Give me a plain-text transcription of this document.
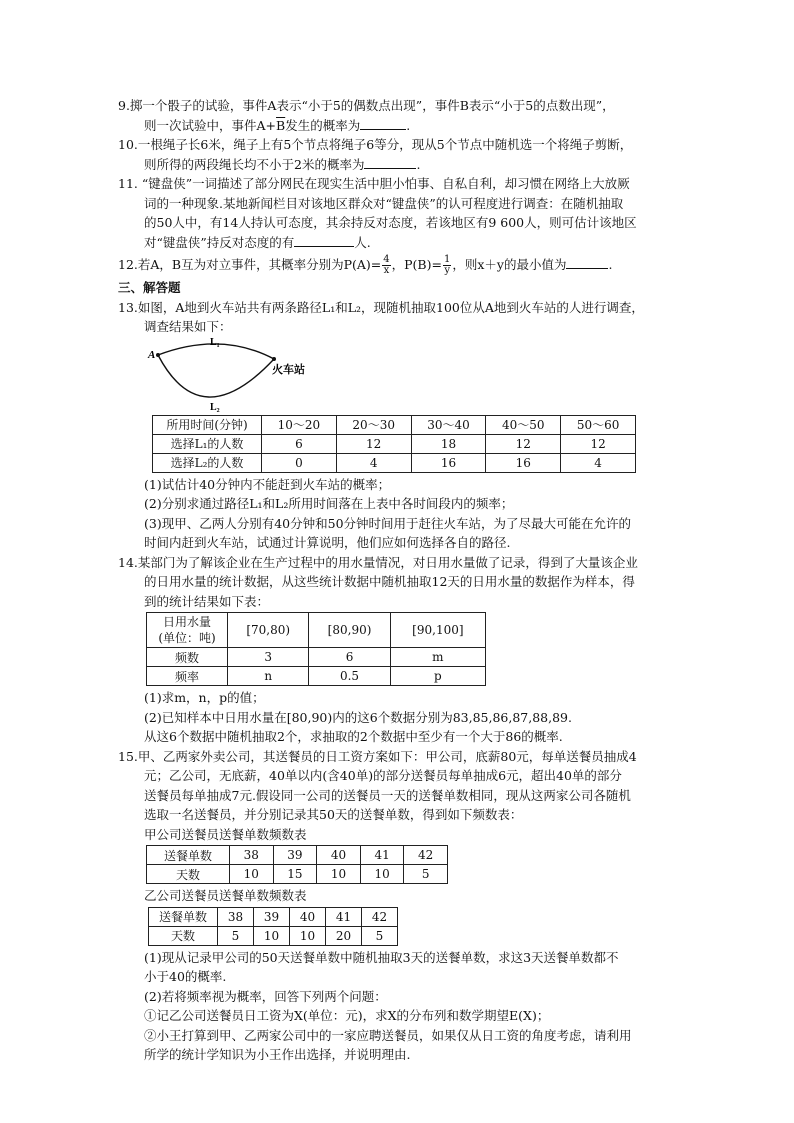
9.掷一个骰子的试验，事件A表示“小于5的偶数点出现”，事件B表示“小于5的点数出现”，

则一次试验中，事件$A+\overline{B}$发生的概率为	.

10.一根绳子长6米，绳子上有5个节点将绳子6等分，现从5个节点中随机选一个将绳子剪断，

则所得的两段绳长均不小于2米的概率为	.

11. “键盘侠”一词描述了部分网民在现实生活中胆小怕事、自私自利，却习惯在网络上大放厥

词的一种现象.某地新闻栏目对该地区群众对“键盘侠”的认可程度进行调查：在随机抽取

的50人中，有14人持认可态度，其余持反对态度，若该地区有9 600人，则可估计该地区

对“键盘侠”持反对态度的有	人.

12.若A，B互为对立事件，其概率分别为$P(A)= \frac{4}{x}$ ，$P(B)= \frac{1}{y}$ ，则x＋y的最小值为	.

三、解答题

13.如图，A地到火车站共有两条路径L₁和L₂，现随机抽取100位从A地到火车站的人进行调查，

调查结果如下：

A
L₁
L₂
火车站
所用时间(分钟)	10～20	20～30	30～40	40～50	50～60
选择L₁的人数	6	12	18	12	12
选择L₂的人数	0	4	16	16	4

(1)试估计40分钟内不能赶到火车站的概率；

(2)分别求通过路径L₁和L₂所用时间落在上表中各时间段内的频率；

(3)现甲、乙两人分别有40分钟和50分钟时间用于赶往火车站，为了尽最大可能在允许的

时间内赶到火车站，试通过计算说明，他们应如何选择各自的路径.

14.某部门为了解该企业在生产过程中的用水量情况，对日用水量做了记录，得到了大量该企业

的日用水量的统计数据，从这些统计数据中随机抽取12天的日用水量的数据作为样本，得

到的统计结果如下表：

日用水量
(单位：吨)	[70,80)	[80,90)	[90,100]
频数	3	6	m
频率	n	0.5	p

(1)求m，n，p的值；

(2)已知样本中日用水量在[80,90)内的这6个数据分别为83,85,86,87,88,89.

从这6个数据中随机抽取2个，求抽取的2个数据中至少有一个大于86的概率.

15.甲、乙两家外卖公司，其送餐员的日工资方案如下：甲公司，底薪80元，每单送餐员抽成4

元；乙公司，无底薪，40单以内(含40单)的部分送餐员每单抽成6元，超出40单的部分

送餐员每单抽成7元.假设同一公司的送餐员一天的送餐单数相同，现从这两家公司各随机

选取一名送餐员，并分别记录其50天的送餐单数，得到如下频数表：

甲公司送餐员送餐单数频数表

送餐单数	38	39	40	41	42
天数	10	15	10	10	5

乙公司送餐员送餐单数频数表

送餐单数	38	39	40	41	42
天数	5	10	10	20	5

(1)现从记录甲公司的50天送餐单数中随机抽取3天的送餐单数，求这3天送餐单数都不

小于40的概率.

(2)若将频率视为概率，回答下列两个问题：

①记乙公司送餐员日工资为X(单位：元)，求X的分布列和数学期望E(X)；

②小王打算到甲、乙两家公司中的一家应聘送餐员，如果仅从日工资的角度考虑，请利用

所学的统计学知识为小王作出选择，并说明理由.
